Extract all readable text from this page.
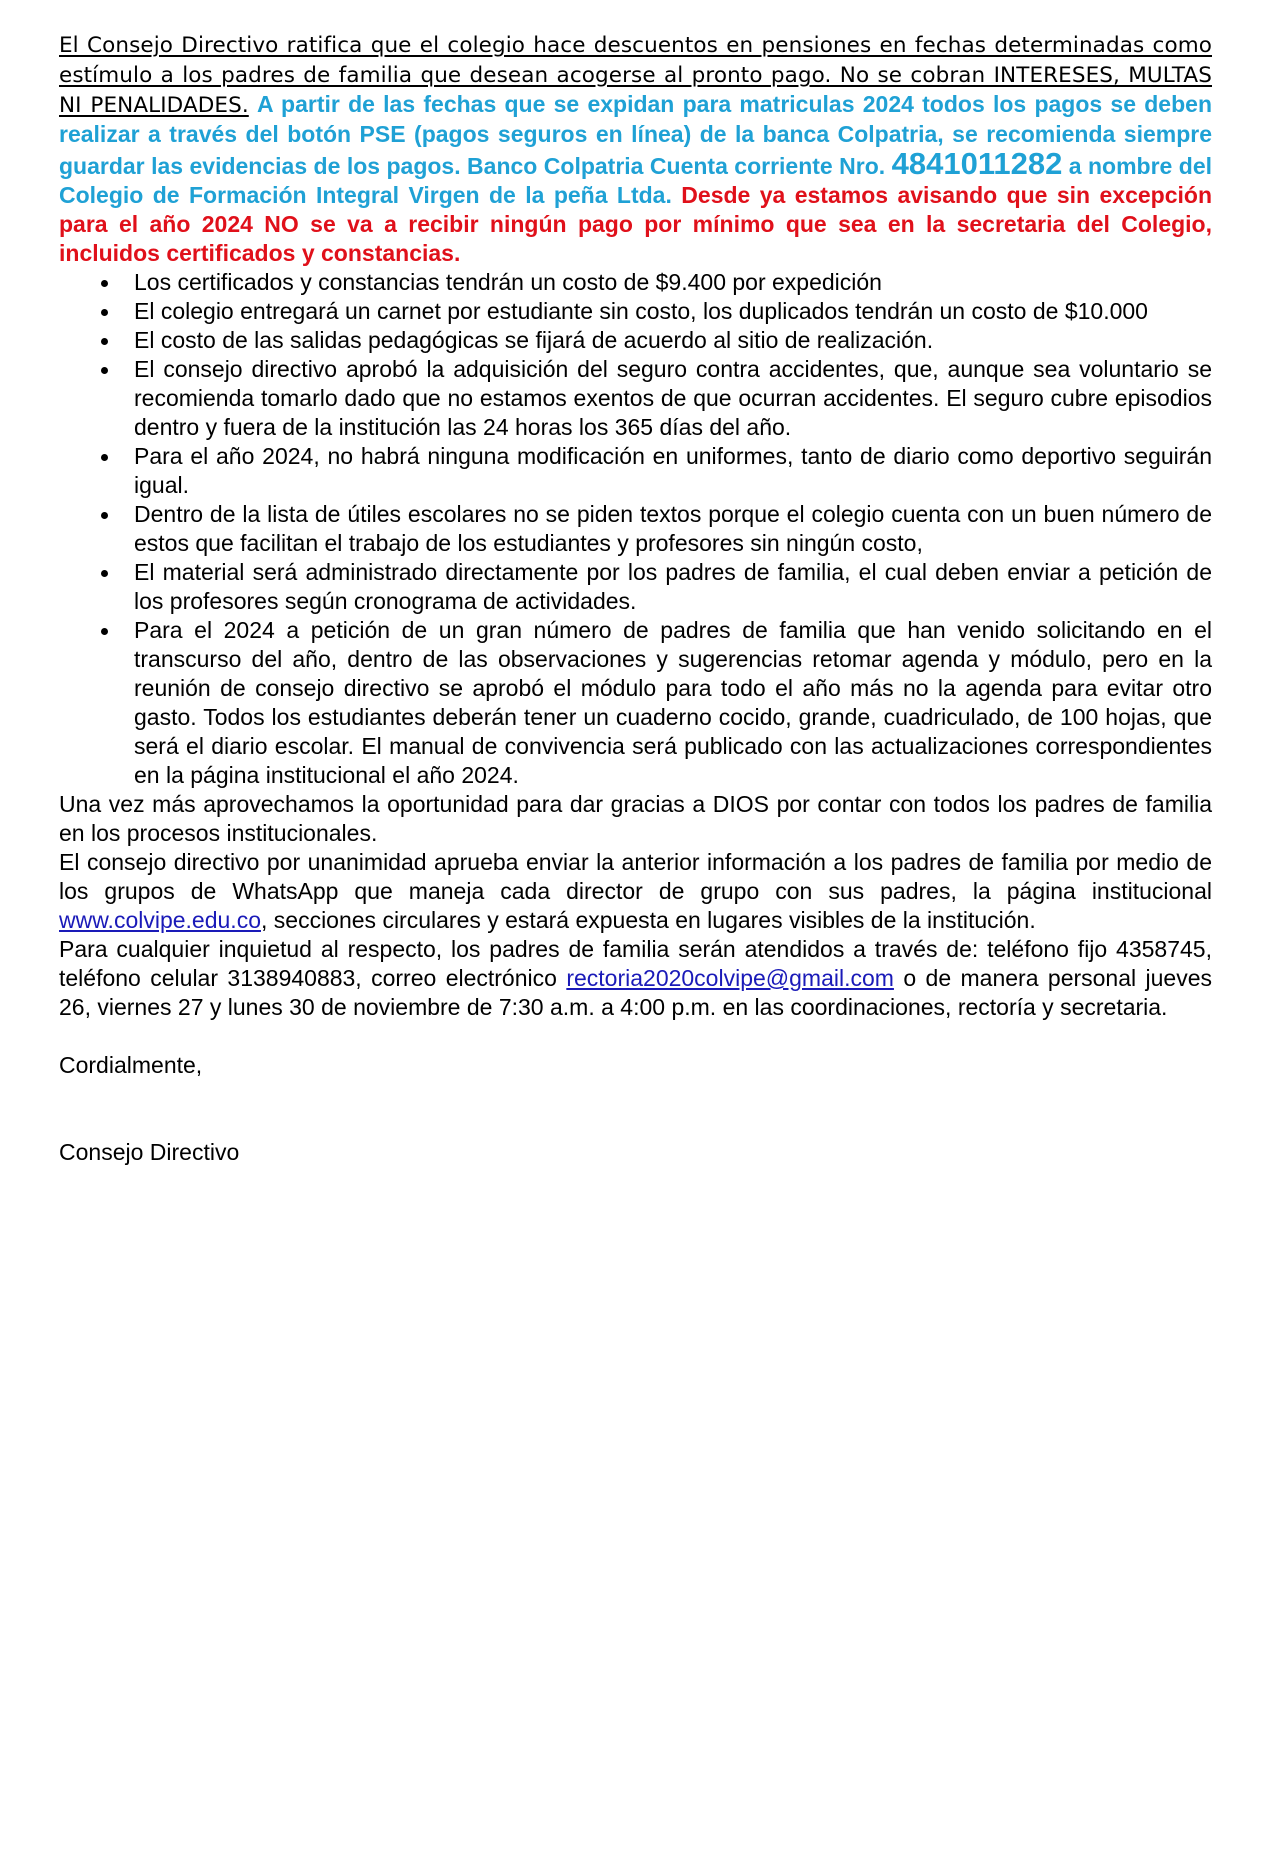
El Consejo Directivo ratifica que el colegio hace descuentos en pensiones en fechas determinadas como estímulo a los padres de familia que desean acogerse al pronto pago. No se cobran INTERESES, MULTAS NI PENALIDADES. A partir de las fechas que se expidan para matriculas 2024 todos los pagos se deben realizar a través del botón PSE (pagos seguros en línea) de la banca Colpatria, se recomienda siempre guardar las evidencias de los pagos. Banco Colpatria Cuenta corriente Nro. 4841011282 a nombre del Colegio de Formación Integral Virgen de la peña Ltda. Desde ya estamos avisando que sin excepción para el año 2024 NO se va a recibir ningún pago por mínimo que sea en la secretaria del Colegio, incluidos certificados y constancias.

Los certificados y constancias tendrán un costo de $9.400 por expedición
El colegio entregará un carnet por estudiante sin costo, los duplicados tendrán un costo de $10.000
El costo de las salidas pedagógicas se fijará de acuerdo al sitio de realización.
El consejo directivo aprobó la adquisición del seguro contra accidentes, que, aunque sea voluntario se recomienda tomarlo dado que no estamos exentos de que ocurran accidentes. El seguro cubre episodios dentro y fuera de la institución las 24 horas los 365 días del año.
Para el año 2024, no habrá ninguna modificación en uniformes, tanto de diario como deportivo seguirán igual.
Dentro de la lista de útiles escolares no se piden textos porque el colegio cuenta con un buen número de estos que facilitan el trabajo de los estudiantes y profesores sin ningún costo,
El material será administrado directamente por los padres de familia, el cual deben enviar a petición de los profesores según cronograma de actividades.
Para el 2024 a petición de un gran número de padres de familia que han venido solicitando en el transcurso del año, dentro de las observaciones y sugerencias retomar agenda y módulo, pero en la reunión de consejo directivo se aprobó el módulo para todo el año más no la agenda para evitar otro gasto. Todos los estudiantes deberán tener un cuaderno cocido, grande, cuadriculado, de 100 hojas, que será el diario escolar. El manual de convivencia será publicado con las actualizaciones correspondientes en la página institucional el año 2024.

Una vez más aprovechamos la oportunidad para dar gracias a DIOS por contar con todos los padres de familia en los procesos institucionales.

El consejo directivo por unanimidad aprueba enviar la anterior información a los padres de familia por medio de los grupos de WhatsApp que maneja cada director de grupo con sus padres, la página institucional www.colvipe.edu.co, secciones circulares y estará expuesta en lugares visibles de la institución.

Para cualquier inquietud al respecto, los padres de familia serán atendidos a través de: teléfono fijo 4358745, teléfono celular 3138940883, correo electrónico rectoria2020colvipe@gmail.com o de manera personal jueves 26, viernes 27 y lunes 30 de noviembre de 7:30 a.m. a 4:00 p.m. en las coordinaciones, rectoría y secretaria.

Cordialmente,

Consejo Directivo
